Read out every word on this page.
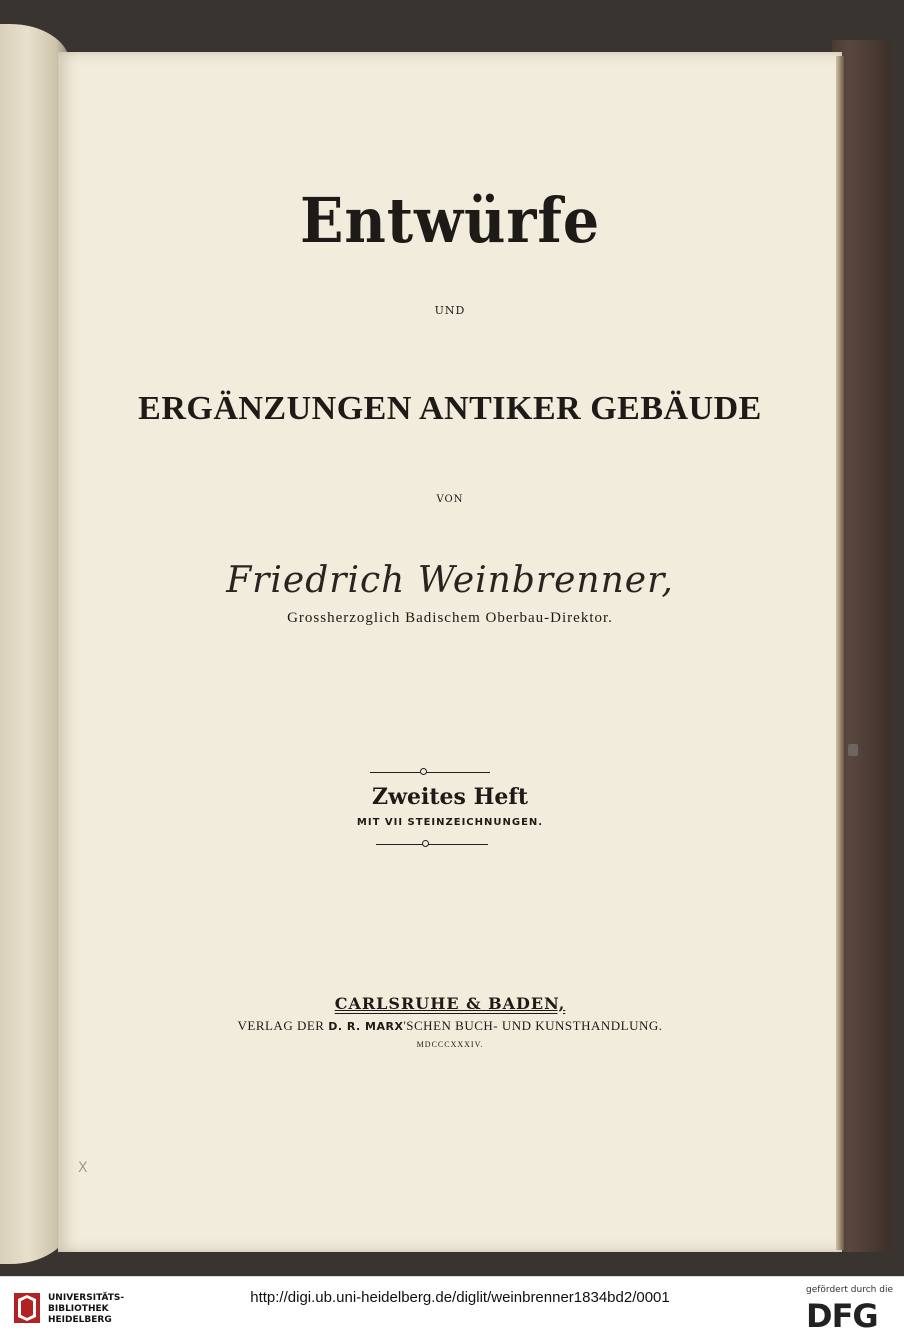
Entwürfe
UND
ERGÄNZUNGEN ANTIKER GEBÄUDE
VON
Friedrich Weinbrenner,
Grossherzoglich Badischem Oberbau-Direktor.
Zweites Heft
MIT VII STEINZEICHNUNGEN.
CARLSRUHE & BADEN,
VERLAG DER D. R. MARX'SCHEN BUCH- UND KUNSTHANDLUNG.
MDCCCXXXIV.
X
UNIVERSITÄTS-
BIBLIOTHEK
HEIDELBERG
http://digi.ub.uni-heidelberg.de/diglit/weinbrenner1834bd2/0001	gefördert durch die
DFG
